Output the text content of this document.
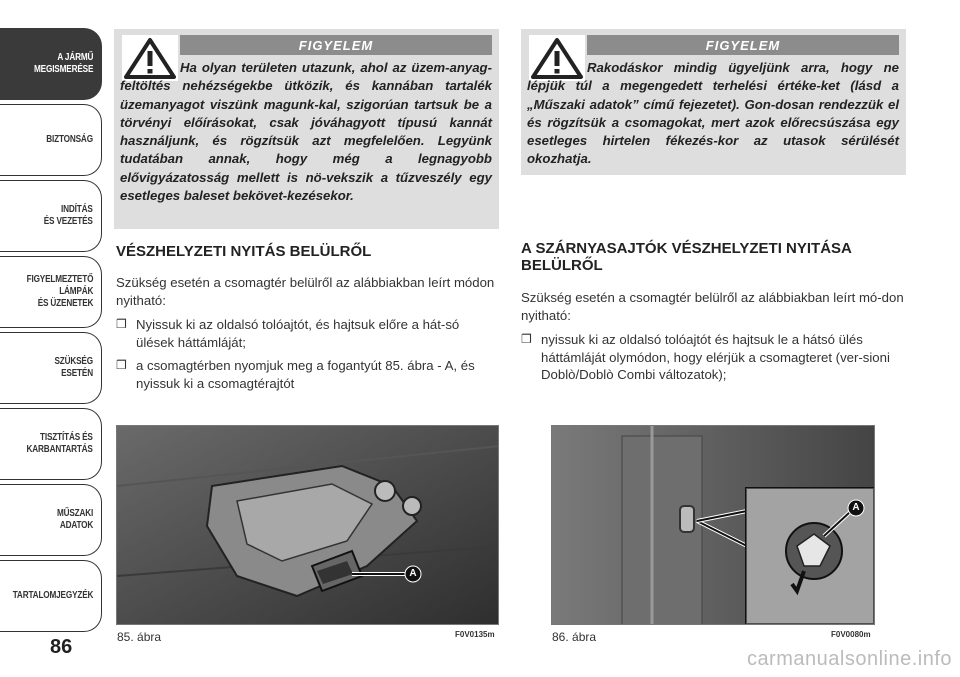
A JÁRMŰ
MEGISMERÉSE
BIZTONSÁG
INDÍTÁS
ÉS VEZETÉS
FIGYELMEZTETŐ
LÁMPÁK
ÉS ÜZENETEK
SZÜKSÉG
ESETÉN
TISZTÍTÁS ÉS
KARBANTARTÁS
MŰSZAKI
ADATOK
TARTALOMJEGYZÉK
86
FIGYELEM
Ha olyan területen utazunk, ahol az üzem-anyag-feltöltés nehézségekbe ütközik, és kannában tartalék üzemanyagot viszünk magunk-kal, szigorúan tartsuk be a törvényi előírásokat, csak jóváhagyott típusú kannát használjunk, és rögzítsük azt megfelelően. Legyünk tudatában annak, hogy még a legnagyobb elővigyázatosság mellett is nö-vekszik a tűzveszély egy esetleges baleset bekövet-kezésekor.
FIGYELEM
Rakodáskor mindig ügyeljünk arra, hogy ne lépjük túl a megengedett terhelési értéke-ket (lásd a „Műszaki adatok” című fejezetet). Gon-dosan rendezzük el és rögzítsük a csomagokat, mert azok előrecsúszása egy esetleges hirtelen fékezés-kor az utasok sérülését okozhatja.
VÉSZHELYZETI NYITÁS BELÜLRŐL
Szükség esetén a csomagtér belülről az alábbiakban leírt módon nyitható:
❒ Nyissuk ki az oldalsó tolóajtót, és hajtsuk előre a hát-só ülések háttámláját;
❒ a csomagtérben nyomjuk meg a fogantyút 85. ábra - A, és nyissuk ki a csomagtérajtót
A SZÁRNYASAJTÓK VÉSZHELYZETI NYITÁSA BELÜLRŐL
Szükség esetén a csomagtér belülről az alábbiakban leírt mó-don nyitható:
❒ nyissuk ki az oldalsó tolóajtót és hajtsuk le a hátsó ülés háttámláját olymódon, hogy elérjük a csomagteret (ver-sioni Doblò/Doblò Combi változatok);
A
85. ábra	F0V0135m
A
86. ábra	F0V0080m
carmanualsonline.info
